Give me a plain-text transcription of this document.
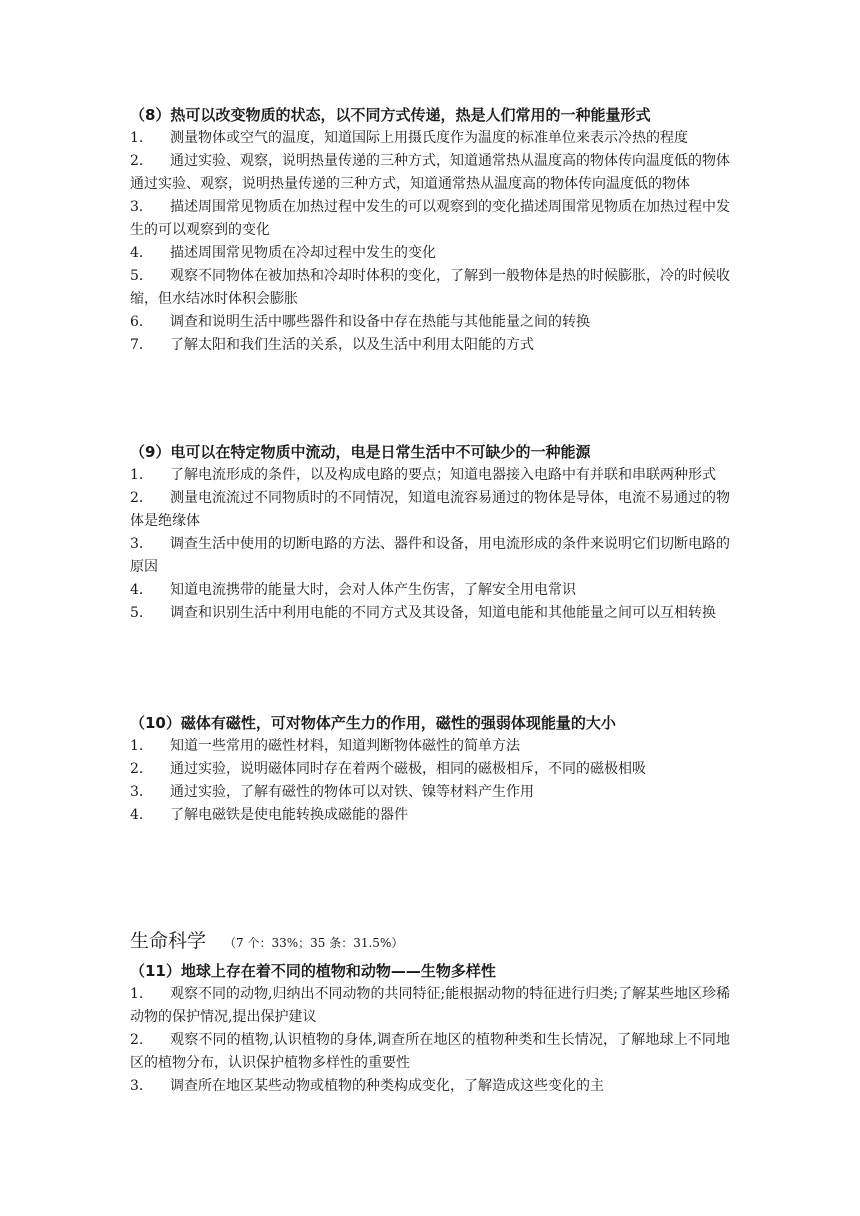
（8）热可以改变物质的状态，以不同方式传递，热是人们常用的一种能量形式
1． 测量物体或空气的温度，知道国际上用摄氏度作为温度的标准单位来表示冷热的程度
2． 通过实验、观察，说明热量传递的三种方式，知道通常热从温度高的物体传向温度低的物体通过实验、观察，说明热量传递的三种方式，知道通常热从温度高的物体传向温度低的物体
3． 描述周围常见物质在加热过程中发生的可以观察到的变化描述周围常见物质在加热过程中发生的可以观察到的变化
4． 描述周围常见物质在冷却过程中发生的变化
5． 观察不同物体在被加热和冷却时体积的变化，了解到一般物体是热的时候膨胀，冷的时候收缩，但水结冰时体积会膨胀
6． 调查和说明生活中哪些器件和设备中存在热能与其他能量之间的转换
7． 了解太阳和我们生活的关系，以及生活中利用太阳能的方式
（9）电可以在特定物质中流动，电是日常生活中不可缺少的一种能源
1． 了解电流形成的条件，以及构成电路的要点；知道电器接入电路中有并联和串联两种形式
2． 测量电流流过不同物质时的不同情况，知道电流容易通过的物体是导体，电流不易通过的物体是绝缘体
3． 调查生活中使用的切断电路的方法、器件和设备，用电流形成的条件来说明它们切断电路的原因
4． 知道电流携带的能量大时，会对人体产生伤害，了解安全用电常识
5． 调查和识别生活中利用电能的不同方式及其设备，知道电能和其他能量之间可以互相转换
（10）磁体有磁性，可对物体产生力的作用，磁性的强弱体现能量的大小
1． 知道一些常用的磁性材料，知道判断物体磁性的简单方法
2． 通过实验，说明磁体同时存在着两个磁极，相同的磁极相斥，不同的磁极相吸
3． 通过实验，了解有磁性的物体可以对铁、镍等材料产生作用
4． 了解电磁铁是使电能转换成磁能的器件
生命科学 （7 个：33%；35 条：31.5%）
（11）地球上存在着不同的植物和动物——生物多样性
1． 观察不同的动物,归纳出不同动物的共同特征;能根据动物的特征进行归类;了解某些地区珍稀动物的保护情况,提出保护建议
2. 观察不同的植物,认识植物的身体,调查所在地区的植物种类和生长情况，了解地球上不同地区的植物分布，认识保护植物多样性的重要性
3． 调查所在地区某些动物或植物的种类构成变化，了解造成这些变化的主
